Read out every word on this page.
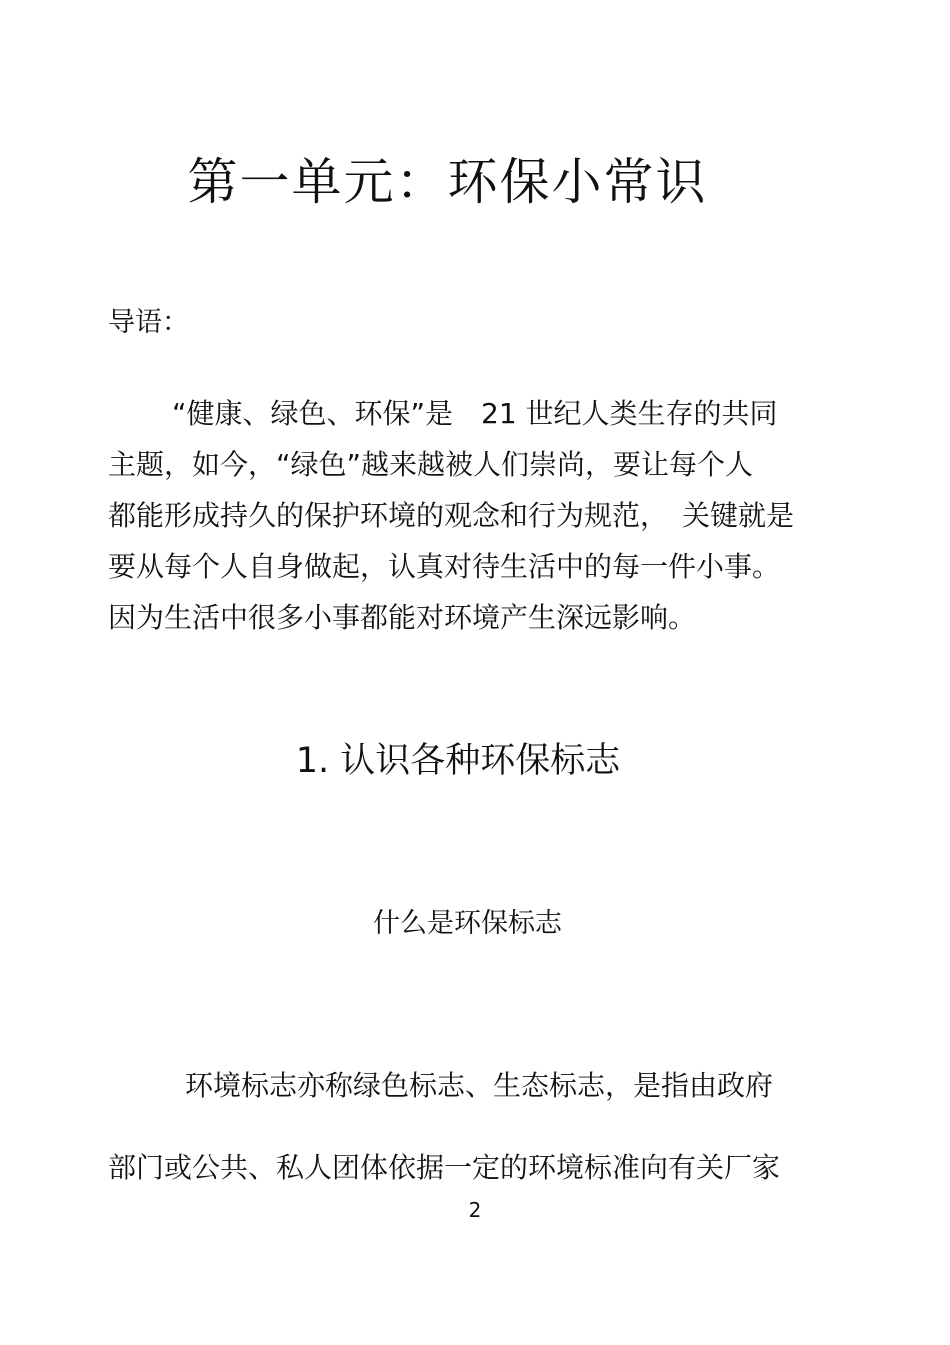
第一单元：环保小常识

导语：

“健康、绿色、环保”是　21 世纪人类生存的共同
主题，如今，“绿色”越来越被人们崇尚，要让每个人
都能形成持久的保护环境的观念和行为规范，　关键就是
要从每个人自身做起，认真对待生活中的每一件小事。
因为生活中很多小事都能对环境产生深远影响。

1. 认识各种环保标志

什么是环保标志

环境标志亦称绿色标志、生态标志，是指由政府

部门或公共、私人团体依据一定的环境标准向有关厂家

2
